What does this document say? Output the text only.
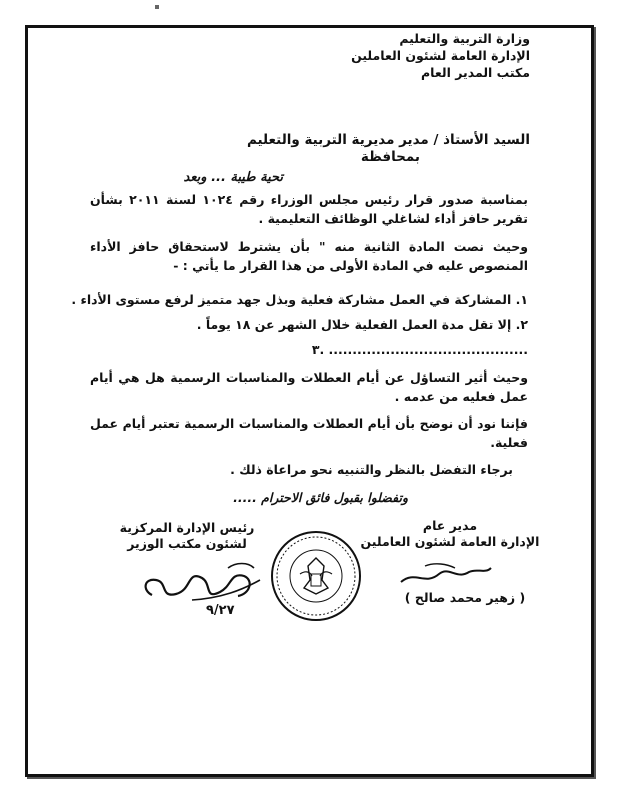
وزارة التربية والتعليم
الإدارة العامة لشئون العاملين
مكتب المدير العام
السيد الأستاذ / مدير مديرية التربية والتعليم
بمحافظة
تحية طيبة ... وبعد
بمناسبة صدور قرار رئيس مجلس الوزراء رقم ١٠٢٤ لسنة ٢٠١١ بشأن تقرير حافز أداء لشاغلي الوظائف التعليمية .
وحيث نصت المادة الثانية منه " بأن يشترط لاستحقاق حافز الأداء المنصوص عليه في المادة الأولى من هذا القرار ما يأتي : -
١. المشاركة في العمل مشاركة فعلية وبذل جهد متميز لرفع مستوى الأداء .
٢. إلا تقل مدة العمل الفعلية خلال الشهر عن ١٨ يوماً .
٣. ..........................................
وحيث أثير التساؤل عن أيام العطلات والمناسبات الرسمية هل هي أيام عمل فعليه من عدمه .
فإننا نود أن نوضح بأن أيام العطلات والمناسبات الرسمية تعتبر أيام عمل فعلية.
برجاء التفضل بالنظر والتنبيه نحو مراعاة ذلك .
وتفضلوا بقبول فائق الاحترام .....
رئيس الإدارة المركزية
لشئون مكتب الوزير
٩/٢٧
مدير عام
الإدارة العامة لشئون العاملين
( زهير محمد صالح )
